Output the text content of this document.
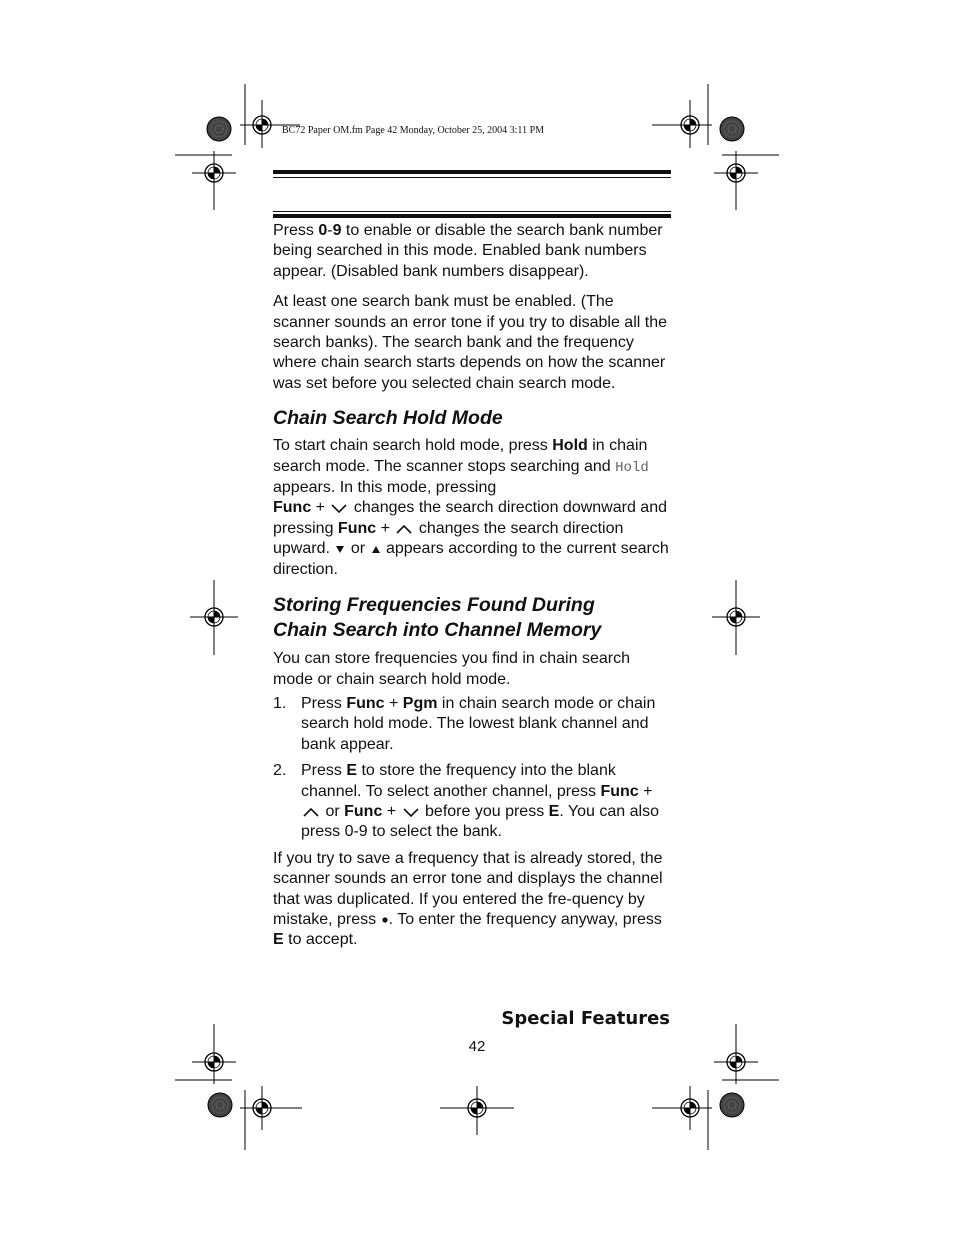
BC72 Paper OM.fm Page 42 Monday, October 25, 2004 3:11 PM

Press 0-9 to enable or disable the search bank number being searched in this mode. Enabled bank numbers appear. (Disabled bank numbers disappear).

At least one search bank must be enabled. (The scanner sounds an error tone if you try to disable all the search banks). The search bank and the frequency where chain search starts depends on how the scanner was set before you selected chain search mode.

Chain Search Hold Mode

To start chain search hold mode, press Hold in chain search mode. The scanner stops searching and Hold appears. In this mode, pressing
Func +  changes the search direction downward and pressing Func +  changes the search direction upward.  or  appears according to the current search direction.

Storing Frequencies Found During
Chain Search into Channel Memory

You can store frequencies you find in chain search mode or chain search hold mode.

1. Press Func + Pgm in chain search mode or chain search hold mode. The lowest blank channel and bank appear.
2. Press E to store the frequency into the blank channel. To select another channel, press Func +  or Func +  before you press E. You can also press 0-9 to select the bank.

If you try to save a frequency that is already stored, the scanner sounds an error tone and displays the channel that was duplicated. If you entered the fre-quency by mistake, press . To enter the frequency anyway, press E to accept.

Special Features
42
